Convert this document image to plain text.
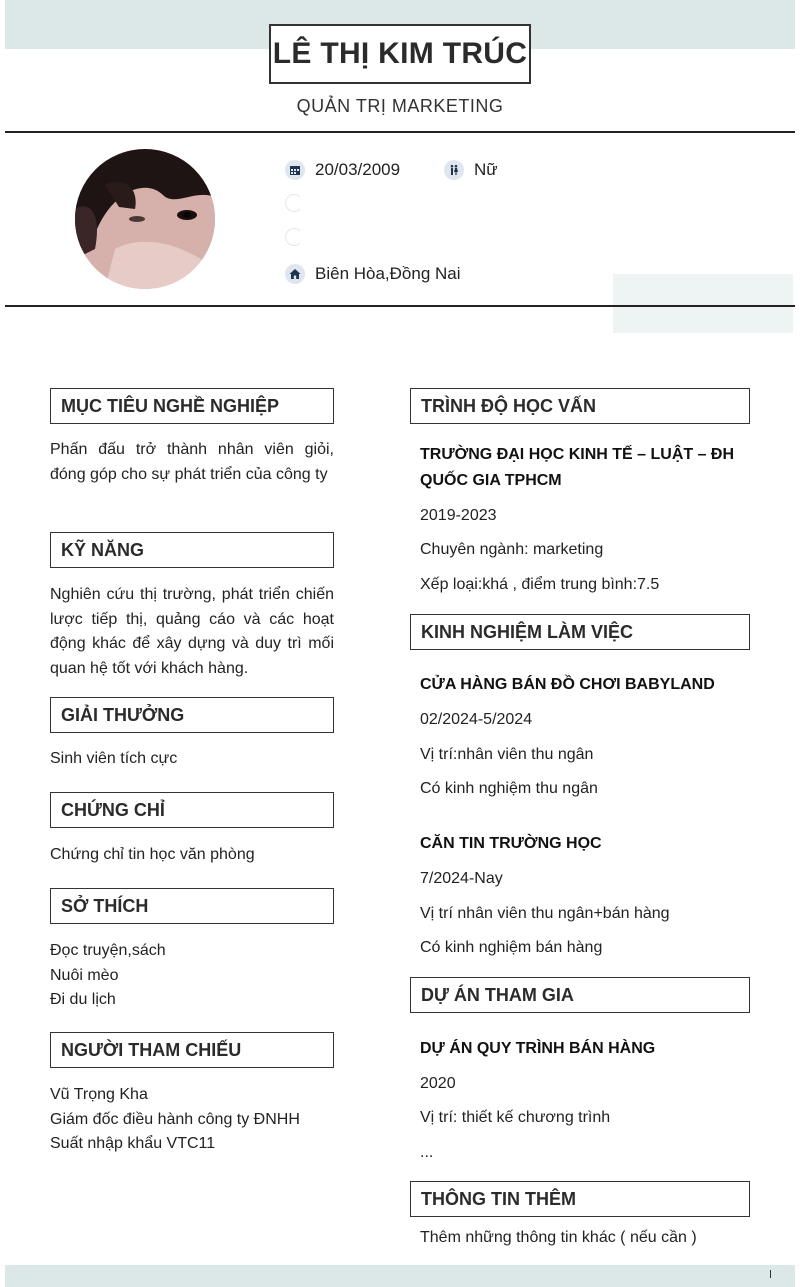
LÊ THỊ KIM TRÚC
QUẢN TRỊ MARKETING
20/03/2009	Nữ
Biên Hòa,Đồng Nai
MỤC TIÊU NGHỀ NGHIỆP
Phấn đấu trở thành nhân viên giỏi, đóng góp cho sự phát triển của công ty
KỸ NĂNG
Nghiên cứu thị trường, phát triển chiến lược tiếp thị, quảng cáo và các hoạt động khác để xây dựng và duy trì mối quan hệ tốt với khách hàng.
GIẢI THƯỞNG
Sinh viên tích cực
CHỨNG CHỈ
Chứng chỉ tin học văn phòng
SỞ THÍCH
Đọc truyện,sách
Nuôi mèo
Đi du lịch
NGƯỜI THAM CHIẾU
Vũ Trọng Kha
Giám đốc điều hành công ty ĐNHH
Suất nhập khẩu VTC11
TRÌNH ĐỘ HỌC VẤN
TRƯỜNG ĐẠI HỌC KINH TẾ – LUẬT – ĐH QUỐC GIA TPHCM
2019-2023
Chuyên ngành: marketing
Xếp loại:khá , điểm trung bình:7.5
KINH NGHIỆM LÀM VIỆC
CỬA HÀNG BÁN ĐỒ CHƠI BABYLAND
02/2024-5/2024
Vị trí:nhân viên thu ngân
Có kinh nghiệm thu ngân
CĂN TIN TRƯỜNG HỌC
7/2024-Nay
Vị trí nhân viên thu ngân+bán hàng
Có kinh nghiệm bán hàng
DỰ ÁN THAM GIA
DỰ ÁN QUY TRÌNH BÁN HÀNG
2020
Vị trí: thiết kế chương trình
...
THÔNG TIN THÊM
Thêm những thông tin khác ( nếu cần )
